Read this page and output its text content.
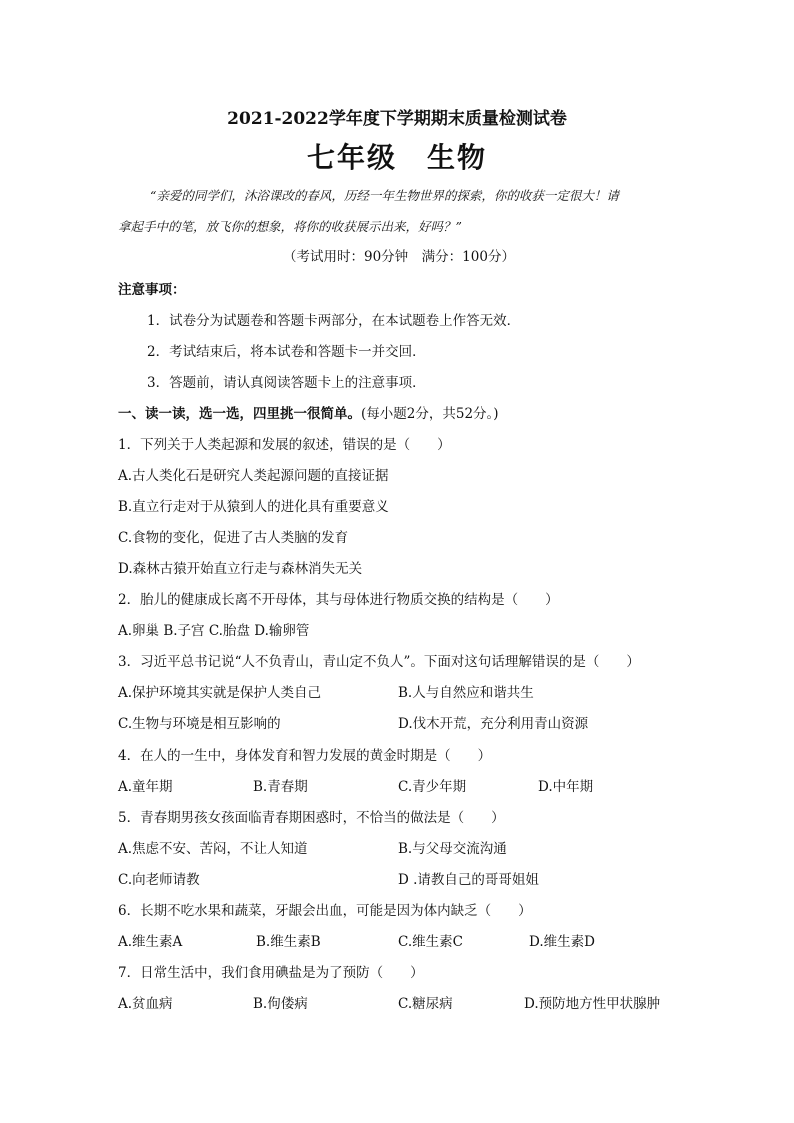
2021-2022学年度下学期期末质量检测试卷
七年级　生物
“亲爱的同学们，沐浴课改的春风，历经一年生物世界的探索，你的收获一定很大！请
拿起手中的笔，放飞你的想象，将你的收获展示出来，好吗？”
（考试用时：90分钟　满分：100分）
注意事项：
1．试卷分为试题卷和答题卡两部分，在本试题卷上作答无效．
2．考试结束后，将本试卷和答题卡一并交回．
3．答题前，请认真阅读答题卡上的注意事项．
一、读一读，选一选，四里挑一很简单。(每小题2分，共52分。)
1．下列关于人类起源和发展的叙述，错误的是（　　）
A.古人类化石是研究人类起源问题的直接证据
B.直立行走对于从猿到人的进化具有重要意义
C.食物的变化，促进了古人类脑的发育
D.森林古猿开始直立行走与森林消失无关
2．胎儿的健康成长离不开母体，其与母体进行物质交换的结构是（　　）
A.卵巢 B.子宫 C.胎盘 D.输卵管
3．习近平总书记说“人不负青山，青山定不负人”。下面对这句话理解错误的是（　　）
A.保护环境其实就是保护人类自己	B.人与自然应和谐共生
C.生物与环境是相互影响的	D.伐木开荒，充分利用青山资源
4．在人的一生中，身体发育和智力发展的黄金时期是（　　）
A.童年期	B.青春期	C.青少年期	D.中年期
5．青春期男孩女孩面临青春期困惑时，不恰当的做法是（　　）
A.焦虑不安、苦闷，不让人知道	B.与父母交流沟通
C.向老师请教	D .请教自己的哥哥姐姐
6．长期不吃水果和蔬菜，牙龈会出血，可能是因为体内缺乏（　　）
A.维生素A	B.维生素B	C.维生素C	D.维生素D
7．日常生活中，我们食用碘盐是为了预防（　　）
A.贫血病	B.佝偻病	C.糖尿病	D.预防地方性甲状腺肿
